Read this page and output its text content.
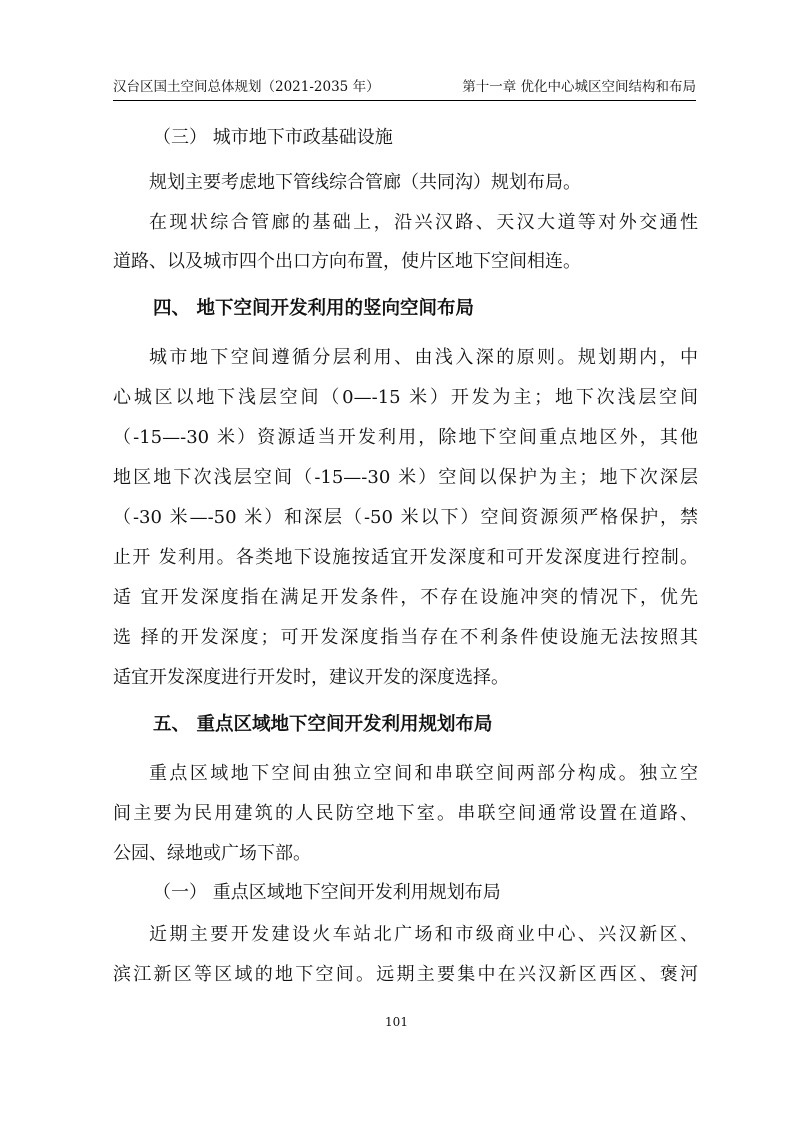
汉台区国土空间总体规划（2021-2035 年）	第十一章 优化中心城区空间结构和布局
（三） 城市地下市政基础设施
规划主要考虑地下管线综合管廊（共同沟）规划布局。
在现状综合管廊的基础上，沿兴汉路、天汉大道等对外交通性
道路、以及城市四个出口方向布置，使片区地下空间相连。
四、 地下空间开发利用的竖向空间布局
城市地下空间遵循分层利用、由浅入深的原则。规划期内，中
心城区以地下浅层空间（0—-15 米）开发为主；地下次浅层空间
（-15—-30 米）资源适当开发利用，除地下空间重点地区外，其他
地区地下次浅层空间（-15—-30 米）空间以保护为主；地下次深层
（-30 米—-50 米）和深层（-50 米以下）空间资源须严格保护，禁
止开 发利用。各类地下设施按适宜开发深度和可开发深度进行控制。
适 宜开发深度指在满足开发条件，不存在设施冲突的情况下，优先
选 择的开发深度；可开发深度指当存在不利条件使设施无法按照其
适宜开发深度进行开发时，建议开发的深度选择。
五、 重点区域地下空间开发利用规划布局
重点区域地下空间由独立空间和串联空间两部分构成。独立空
间主要为民用建筑的人民防空地下室。串联空间通常设置在道路、
公园、绿地或广场下部。
（一） 重点区域地下空间开发利用规划布局
近期主要开发建设火车站北广场和市级商业中心、兴汉新区、
滨江新区等区域的地下空间。远期主要集中在兴汉新区西区、褒河
101
